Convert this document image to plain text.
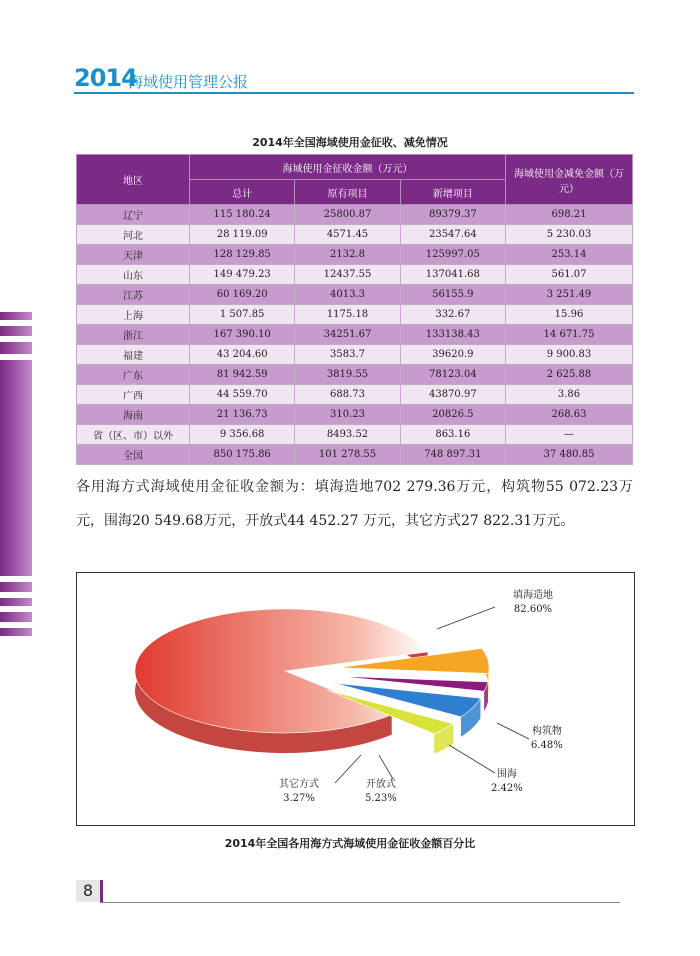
2014
海域使用管理公报
2014年全国海域使用金征收、减免情况
地区	海域使用金征收金额（万元）			海域使用金减免金额（万元）
	总计	原有项目	新增项目	
辽宁	115 180.24	25800.87	89379.37	698.21
河北	28 119.09	4571.45	23547.64	5 230.03
天津	128 129.85	2132.8	125997.05	253.14
山东	149 479.23	12437.55	137041.68	561.07
江苏	60 169.20	4013.3	56155.9	3 251.49
上海	1 507.85	1175.18	332.67	15.96
浙江	167 390.10	34251.67	133138.43	14 671.75
福建	43 204.60	3583.7	39620.9	9 900.83
广东	81 942.59	3819.55	78123.04	2 625.88
广西	44 559.70	688.73	43870.97	3.86
海南	21 136.73	310.23	20826.5	268.63
省（区、市）以外	9 356.68	8493.52	863.16	—
全国	850 175.86	101 278.55	748 897.31	37 480.85
各用海方式海域使用金征收金额为：填海造地702 279.36万元，构筑物55 072.23万元，围海20 549.68万元，开放式44 452.27 万元，其它方式27 822.31万元。
填海造地
82.60%
构筑物
6.48%
围海
2.42%
开放式
5.23%
其它方式
3.27%
2014年全国各用海方式海域使用金征收金额百分比
8
